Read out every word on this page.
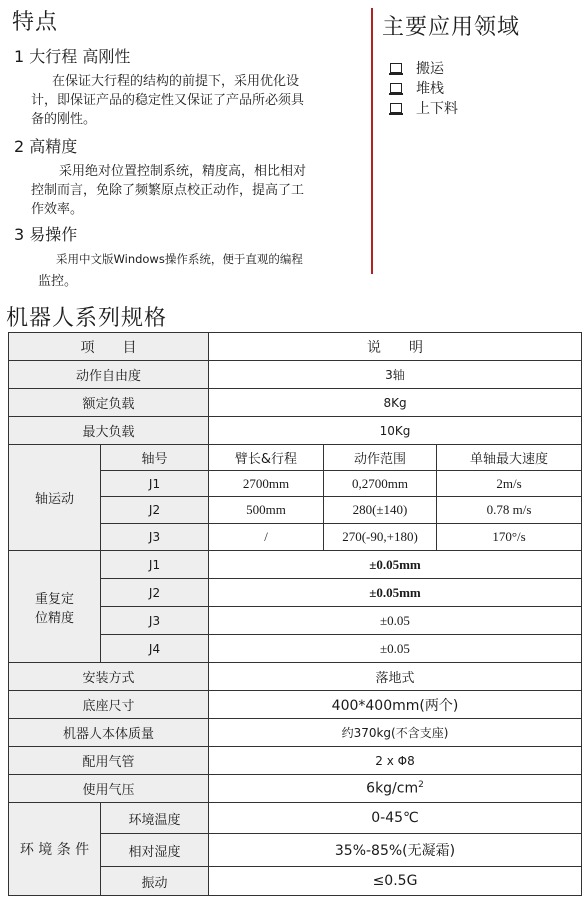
特点
1 大行程 高刚性
在保证大行程的结构的前提下，采用优化设
计，即保证产品的稳定性又保证了产品所必须具
备的刚性。
2 高精度
采用绝对位置控制系统，精度高，相比相对
控制而言，免除了频繁原点校正动作，提高了工
作效率。
3 易操作
采用中文版Windows操作系统，便于直观的编程
监控。
主要应用领域
搬运
堆栈
上下料
机器人系列规格
项　　目		说　　明		
动作自由度		3轴		
额定负载		8Kg		
最大负载		10Kg		
轴运动	轴号	臂长&行程	动作范围	单轴最大速度
	J1	2700mm	0,2700mm	2m/s
	J2	500mm	280(±140)	0.78 m/s
	J3	/	270(-90,+180)	170°/s

重复定
位精度	J1	±0.05mm		
	J2	±0.05mm		
	J3	±0.05		
	J4	±0.05		
安装方式		落地式		
底座尺寸		400*400mm(两个)		
机器人本体质量		约370kg(不含支座)		
配用气管		2 x Φ8		
使用气压		$6kg/cm^2$
环 境 条 件	环境温度	0-45℃		
	相对湿度	35%-85%(无凝霜)		
	振动	≤0.5G		
